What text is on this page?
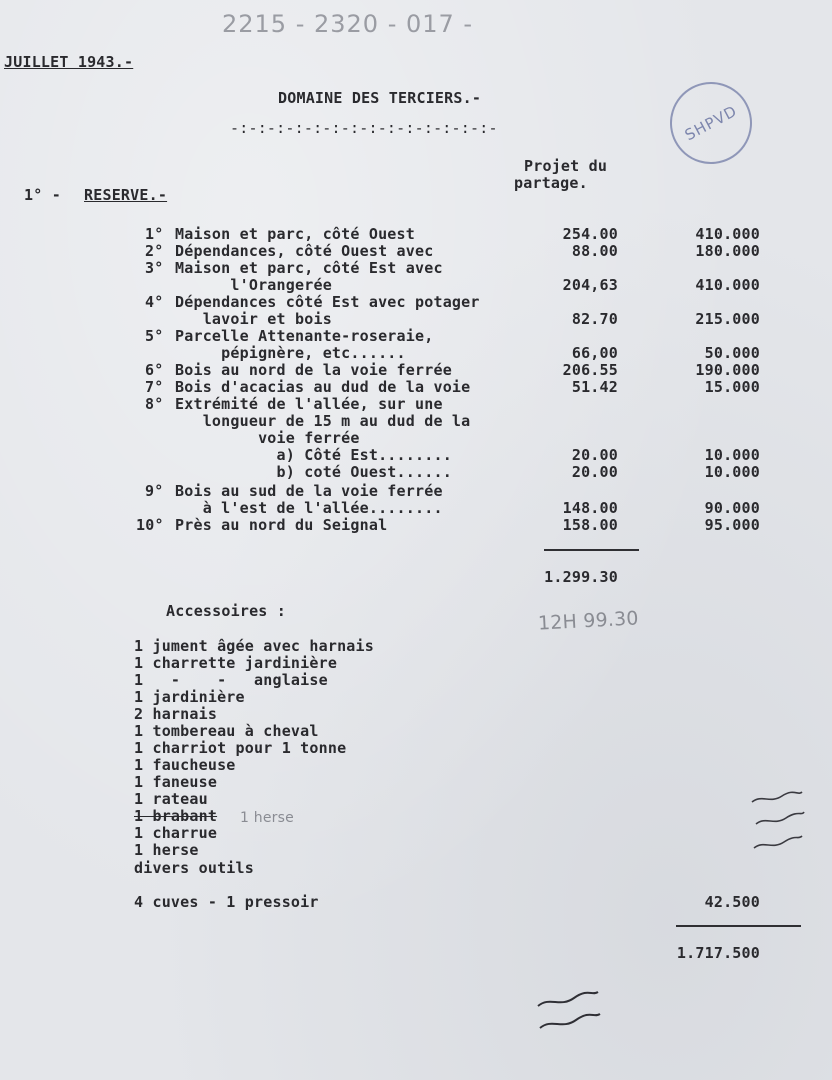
2215 - 2320 - 017 -
JUILLET 1943.-
DOMAINE DES TERCIERS.-
-:-:-:-:-:-:-:-:-:-:-:-:-:-:-	SHPVD
Projet du
partage.
1° - RESERVE.-
1° Maison et parc, côté Ouest	254.00	410.000
2° Dépendances, côté Ouest avec	88.00	180.000
3° Maison et parc, côté Est avec
l'Orangerée	204,63	410.000
4° Dépendances côté Est avec potager
lavoir et bois	82.70	215.000
5° Parcelle Attenante-roseraie,
pépignère, etc......	66,00	50.000
6° Bois au nord de la voie ferrée	206.55	190.000
7° Bois d'acacias au dud de la voie	51.42	15.000
8° Extrémité de l'allée, sur une
longueur de 15 m au dud de la
voie ferrée
a) Côté Est........	20.00	10.000
b) coté Ouest......	20.00	10.000
9° Bois au sud de la voie ferrée
à l'est de l'allée........	148.00	90.000
10° Près au nord du Seignal	158.00	95.000
1.299.30
12H 99.30
Accessoires :
1 jument âgée avec harnais
1 charrette jardinière
1   -    -   anglaise
1 jardinière
2 harnais
1 tombereau à cheval
1 charriot pour 1 tonne
1 faucheuse
1 faneuse
1 rateau
1 brabant
1 charrue
1 herse
divers outils
1 herse
4 cuves - 1 pressoir	42.500
1.717.500
